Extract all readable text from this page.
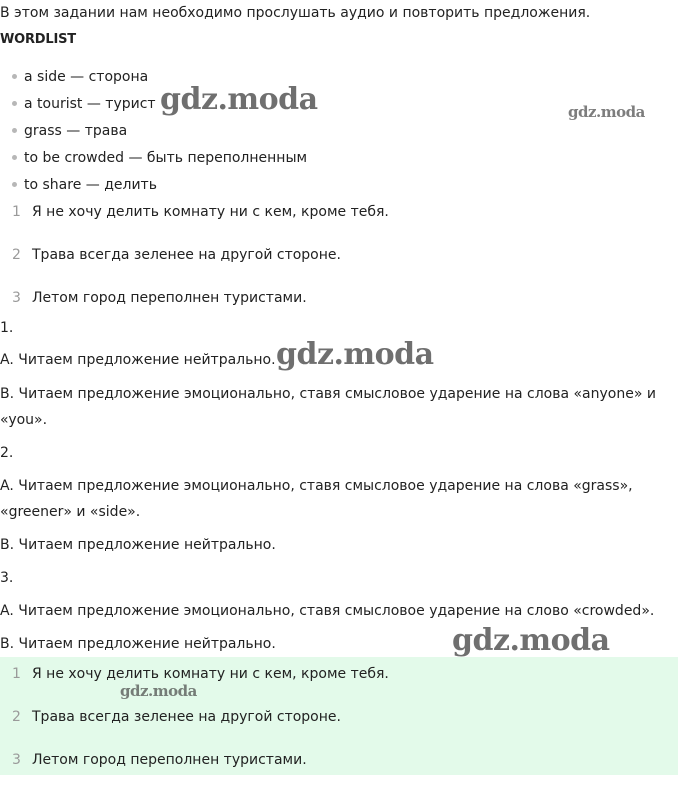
В этом задании нам необходимо прослушать аудио и повторить предложения.
WORDLIST
a side — сторона
a tourist — турист
grass — трава
to be crowded — быть переполненным
to share — делить
1 Я не хочу делить комнату ни с кем, кроме тебя.
2 Трава всегда зеленее на другой стороне.
3 Летом город переполнен туристами.
1.
A. Читаем предложение нейтрально.
B. Читаем предложение эмоционально, ставя смысловое ударение на слова «anyone» и
«you».
2.
A. Читаем предложение эмоционально, ставя смысловое ударение на слова «grass»,
«greener» и «side».
B. Читаем предложение нейтрально.
3.
A. Читаем предложение эмоционально, ставя смысловое ударение на слово «crowded».
B. Читаем предложение нейтрально.
1 Я не хочу делить комнату ни с кем, кроме тебя.
2 Трава всегда зеленее на другой стороне.
3 Летом город переполнен туристами.
gdz.moda	gdz.moda
gdz.moda
gdz.moda
gdz.moda
